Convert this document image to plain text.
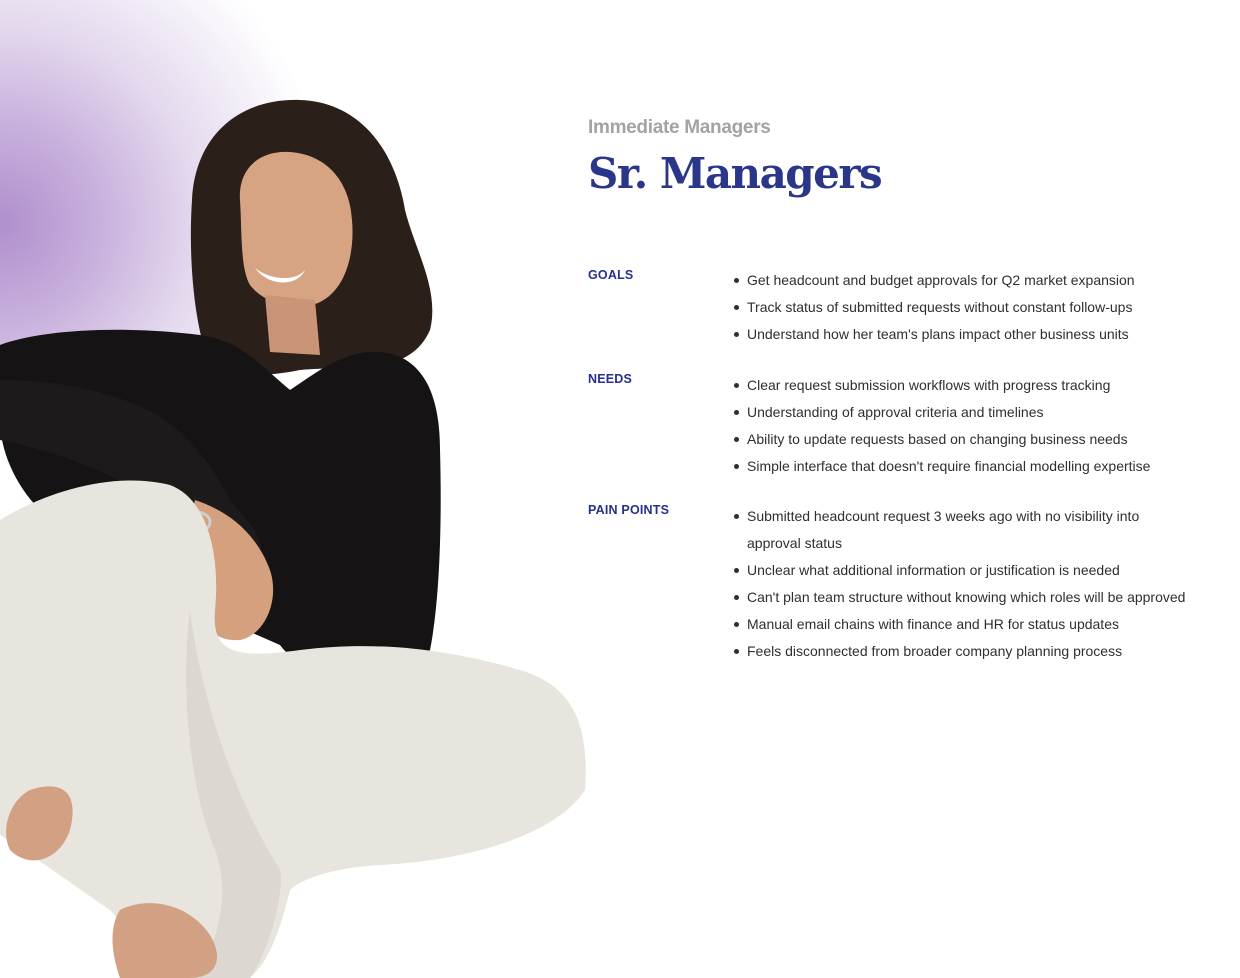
Immediate Managers

Sr. Managers
GOALS	Get headcount and budget approvals for Q2 market expansion
Track status of submitted requests without constant follow-ups
Understand how her team's plans impact other business units
NEEDS	Clear request submission workflows with progress tracking
Understanding of approval criteria and timelines
Ability to update requests based on changing business needs
Simple interface that doesn't require financial modelling expertise
PAIN POINTS	Submitted headcount request 3 weeks ago with no visibility into approval status
Unclear what additional information or justification is needed
Can't plan team structure without knowing which roles will be approved
Manual email chains with finance and HR for status updates
Feels disconnected from broader company planning process
